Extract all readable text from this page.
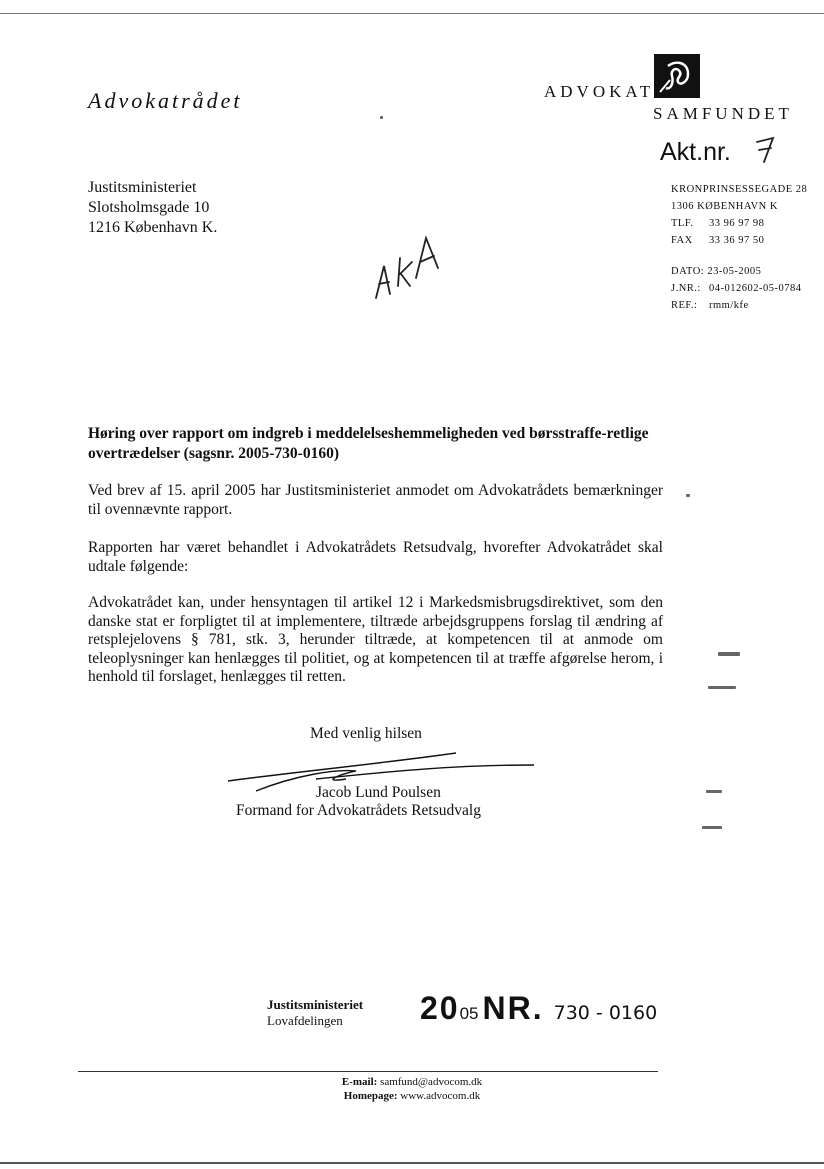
Advokatrådet	ADVOKAT
SAMFUNDET
Akt.nr.
Justitsministeriet
Slotsholmsgade 10
1216 København K.
KRONPRINSESSEGADE 28
1306 KØBENHAVN K
TLF. 33 96 97 98
FAX 33 36 97 50
DATO: 23-05-2005
J.NR.: 04-012602-05-0784
REF.: rmm/kfe
Høring over rapport om indgreb i meddelelseshemmeligheden ved børsstraffe-retlige overtrædelser (sagsnr. 2005-730-0160)
Ved brev af 15. april 2005 har Justitsministeriet anmodet om Advokatrådets bemærkninger til ovennævnte rapport.
Rapporten har været behandlet i Advokatrådets Retsudvalg, hvorefter Advokatrådet skal udtale følgende:
Advokatrådet kan, under hensyntagen til artikel 12 i Markedsmisbrugsdirektivet, som den danske stat er forpligtet til at implementere, tiltræde arbejdsgruppens forslag til ændring af retsplejelovens § 781, stk. 3, herunder tiltræde, at kompetencen til at anmode om teleoplysninger kan henlægges til politiet, og at kompetencen til at træffe afgørelse herom, i henhold til forslaget, henlægges til retten.
Med venlig hilsen
Jacob Lund Poulsen
Formand for Advokatrådets Retsudvalg
Justitsministeriet
Lovafdelingen	2005 NR. 730 - 0160
E-mail: samfund@advocom.dk
Homepage: www.advocom.dk
